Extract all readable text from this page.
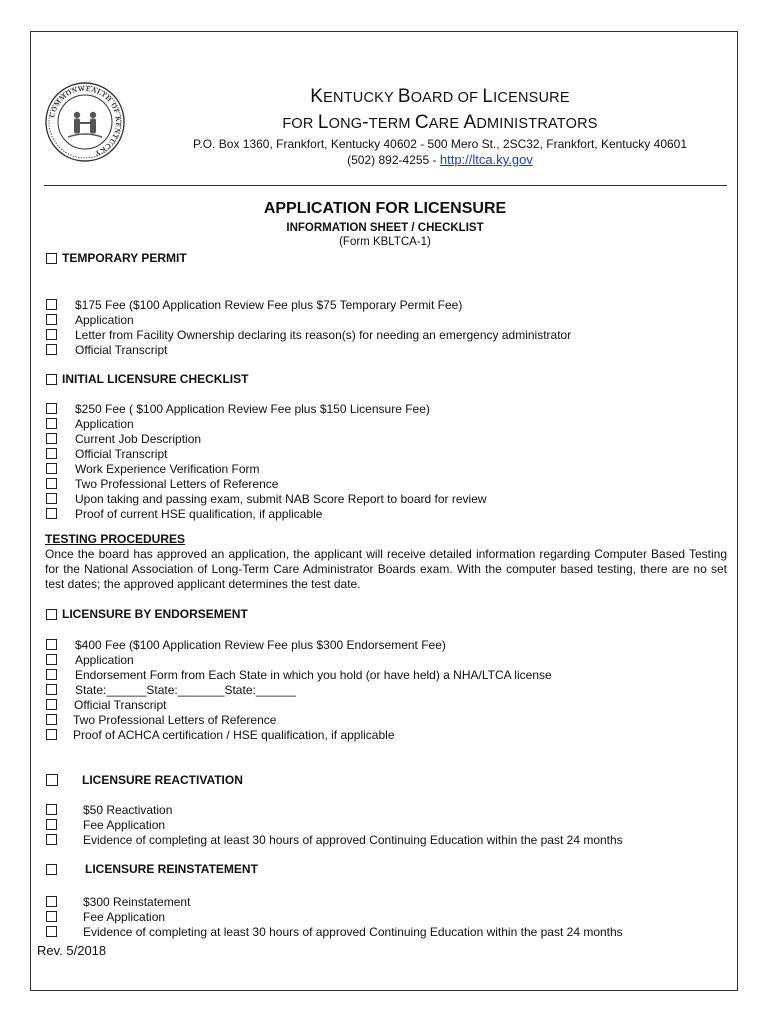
COMMONWEALTH OF KENTUCKY
KENTUCKY BOARD OF LICENSURE
FOR LONG-TERM CARE ADMINISTRATORS
P.O. Box 1360, Frankfort, Kentucky 40602 - 500 Mero St., 2SC32, Frankfort, Kentucky 40601
(502) 892-4255 - http://ltca.ky.gov
APPLICATION FOR LICENSURE
INFORMATION SHEET / CHECKLIST
(Form KBLTCA-1)
TEMPORARY PERMIT
$175 Fee ($100 Application Review Fee plus $75 Temporary Permit Fee)
Application
Letter from Facility Ownership declaring its reason(s) for needing an emergency administrator
Official Transcript
INITIAL LICENSURE CHECKLIST
$250 Fee ( $100 Application Review Fee plus $150 Licensure Fee)
Application
Current Job Description
Official Transcript
Work Experience Verification Form
Two Professional Letters of Reference
Upon taking and passing exam, submit NAB Score Report to board for review
Proof of current HSE qualification, if applicable
TESTING PROCEDURES

Once the board has approved an application, the applicant will receive detailed information regarding Computer Based Testing for the National Association of Long-Term Care Administrator Boards exam. With the computer based testing, there are no set test dates; the approved applicant determines the test date.

LICENSURE BY ENDORSEMENT
$400 Fee ($100 Application Review Fee plus $300 Endorsement Fee)
Application
Endorsement Form from Each State in which you hold (or have held) a NHA/LTCA license
State:______State:_______State:______
Official Transcript
Two Professional Letters of Reference
Proof of ACHCA certification / HSE qualification, if applicable
LICENSURE REACTIVATION
$50 Reactivation
Fee Application
Evidence of completing at least 30 hours of approved Continuing Education within the past 24 months
LICENSURE REINSTATEMENT
$300 Reinstatement
Fee Application
Evidence of completing at least 30 hours of approved Continuing Education within the past 24 months
Rev. 5/2018
